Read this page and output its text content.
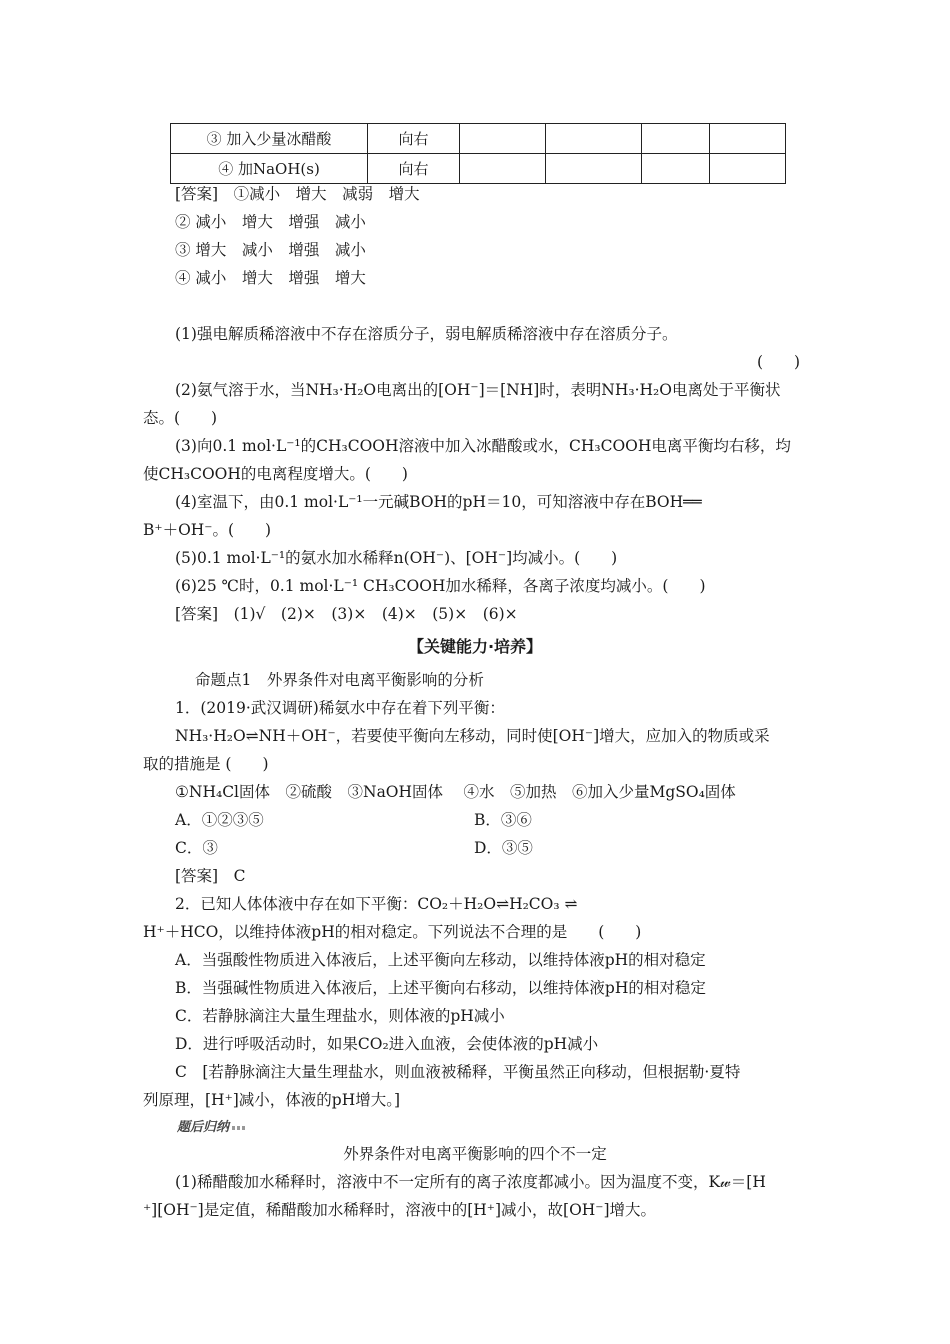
③ 加入少量冰醋酸	向右				
④ 加NaOH(s)	向右				
[答案]　①减小　增大　减弱　增大
② 减小　增大　增强　减小
③ 增大　减小　增强　减小
④ 减小　增大　增强　增大
(1)强电解质稀溶液中不存在溶质分子，弱电解质稀溶液中存在溶质分子。
(　　)
(2)氨气溶于水，当NH₃·H₂O电离出的[OH⁻]＝[NH]时，表明NH₃·H₂O电离处于平衡状
态。(　　)
(3)向0.1 mol·L⁻¹的CH₃COOH溶液中加入冰醋酸或水，CH₃COOH电离平衡均右移，均
使CH₃COOH的电离程度增大。(　　)
(4)室温下，由0.1 mol·L⁻¹一元碱BOH的pH＝10，可知溶液中存在BOH══
B⁺＋OH⁻。(　　)
(5)0.1 mol·L⁻¹的氨水加水稀释n(OH⁻)、[OH⁻]均减小。(　　)
(6)25 ℃时，0.1 mol·L⁻¹ CH₃COOH加水稀释，各离子浓度均减小。(　　)
[答案]　(1)√　(2)×　(3)×　(4)×　(5)×　(6)×
【关键能力·培养】
命题点1　外界条件对电离平衡影响的分析
1．(2019·武汉调研)稀氨水中存在着下列平衡：
NH₃·H₂O⇌NH＋OH⁻，若要使平衡向左移动，同时使[OH⁻]增大，应加入的物质或采
取的措施是 (　　)
①NH₄Cl固体　②硫酸　③NaOH固体　 ④水　⑤加热　⑥加入少量MgSO₄固体
A．①②③⑤	B．③⑥
C．③	D．③⑤
[答案]　C
2．已知人体体液中存在如下平衡：CO₂＋H₂O⇌H₂CO₃ ⇌
H⁺＋HCO，以维持体液pH的相对稳定。下列说法不合理的是　　(　　)
A．当强酸性物质进入体液后，上述平衡向左移动，以维持体液pH的相对稳定
B．当强碱性物质进入体液后，上述平衡向右移动，以维持体液pH的相对稳定
C．若静脉滴注大量生理盐水，则体液的pH减小
D．进行呼吸活动时，如果CO₂进入血液，会使体液的pH减小
C　[若静脉滴注大量生理盐水，则血液被稀释，平衡虽然正向移动，但根据勒·夏特
列原理，[H⁺]减小，体液的pH增大。]
题后归纳
外界条件对电离平衡影响的四个不一定
(1)稀醋酸加水稀释时，溶液中不一定所有的离子浓度都减小。因为温度不变，K𝓌＝[H
⁺][OH⁻]是定值，稀醋酸加水稀释时，溶液中的[H⁺]减小，故[OH⁻]增大。
